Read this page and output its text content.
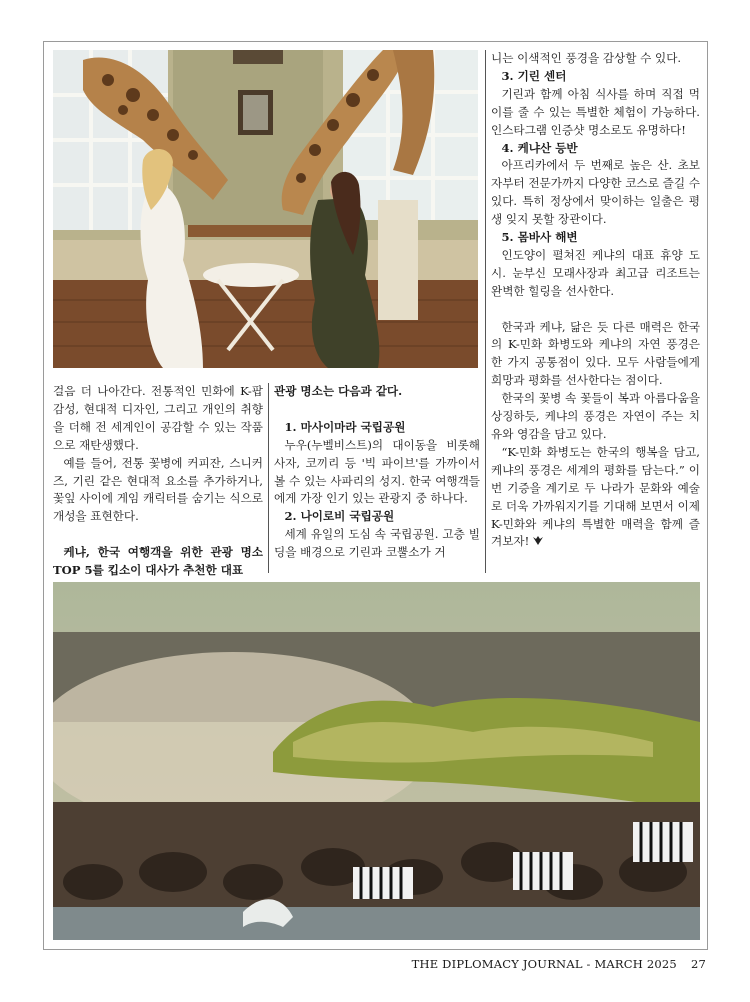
걸음 더 나아간다. 전통적인 민화에 K-팝 감성, 현대적 디자인, 그리고 개인의 취향을 더해 전 세계인이 공감할 수 있는 작품으로 재탄생했다.

예를 들어, 전통 꽃병에 커피잔, 스니커즈, 기린 같은 현대적 요소를 추가하거나, 꽃잎 사이에 게임 캐릭터를 숨기는 식으로 개성을 표현한다.

케냐, 한국 여행객을 위한 관광 명소 TOP 5를 킵소이 대사가 추천한 대표

관광 명소는 다음과 같다.

1. 마사이마라 국립공원

누우(누벨비스트)의 대이동을 비롯해 사자, 코끼리 등 '빅 파이브'를 가까이서 볼 수 있는 사파리의 성지. 한국 여행객들에게 가장 인기 있는 관광지 중 하나다.

2. 나이로비 국립공원

세계 유일의 도심 속 국립공원. 고층 빌딩을 배경으로 기린과 코뿔소가 거

니는 이색적인 풍경을 감상할 수 있다.

3. 기린 센터

기린과 함께 아침 식사를 하며 직접 먹이를 줄 수 있는 특별한 체험이 가능하다. 인스타그램 인증샷 명소로도 유명하다!

4. 케냐산 등반

아프리카에서 두 번째로 높은 산. 초보자부터 전문가까지 다양한 코스로 즐길 수 있다. 특히 정상에서 맞이하는 일출은 평생 잊지 못할 장관이다.

5. 몸바사 해변

인도양이 펼쳐진 케냐의 대표 휴양 도시. 눈부신 모래사장과 최고급 리조트는 완벽한 힐링을 선사한다.

한국과 케냐, 닮은 듯 다른 매력은 한국의 K-민화 화병도와 케냐의 자연 풍경은 한 가지 공통점이 있다. 모두 사람들에게 희망과 평화를 선사한다는 점이다.

한국의 꽃병 속 꽃들이 복과 아름다움을 상징하듯, 케냐의 풍경은 자연이 주는 치유와 영감을 담고 있다.

“K-민화 화병도는 한국의 행복을 담고, 케냐의 풍경은 세계의 평화를 담는다.” 이번 기증을 계기로 두 나라가 문화와 예술로 더욱 가까워지기를 기대해 보면서 이제 K-민화와 케냐의 특별한 매력을 함께 즐겨보자!

THE DIPLOMACY JOURNAL - MARCH 2025 27
